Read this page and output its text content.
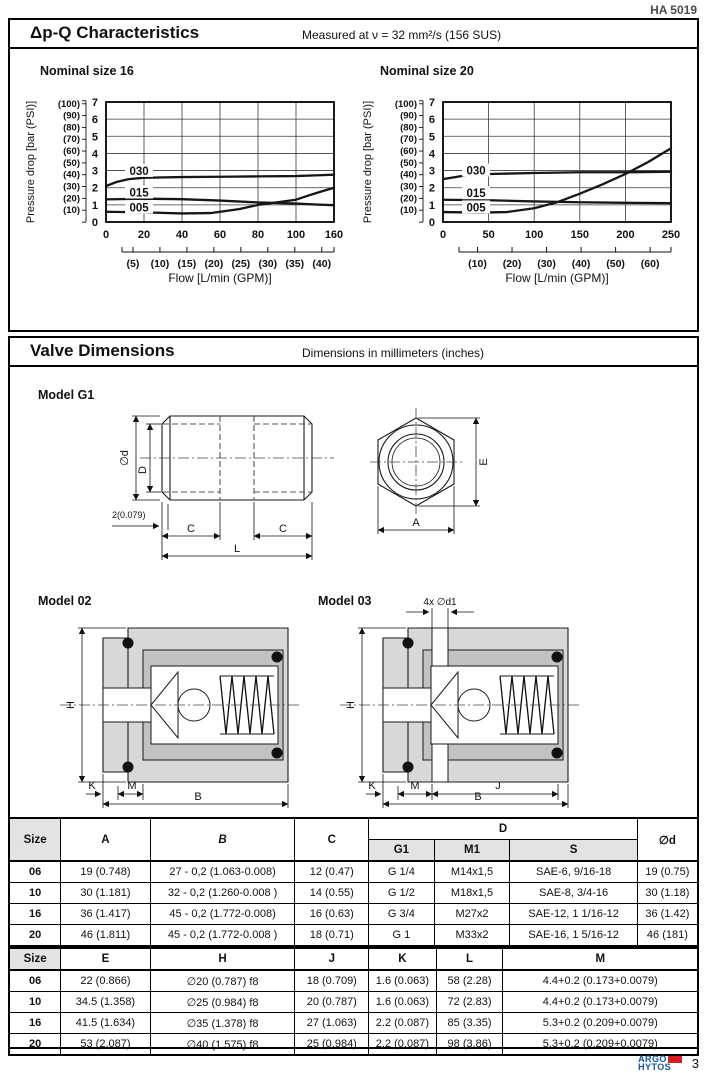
HA 5019
Δp-Q Characteristics	Measured at ν = 32 mm²/s (156 SUS)
Nominal size 16	Nominal size 20
0
1
2
3
4
5
6
7
(100)
(90)
(80)
(70)
(60)
(50)
(40)
(30)
(20)
(10)
Pressure drop [bar (PSI)]
0	20 40 60 80 100 160
(5) (10) (15) (20) (25) (30) (35) (40)
Flow [L/min (GPM)]
030
015
005
0
1
2
3
4
5
6
7
(100)
(90)
(80)
(70)
(60)
(50)
(40)
(30)
(20)
(10)
Pressure drop [bar (PSI)]
0	50	100 150 200 250
(10) (20) (30) (40) (50) (60)
Flow [L/min (GPM)]
030
015
005
Valve Dimensions	Dimensions in millimeters (inches)
Model G1
∅d
D
2(0.079)
C	C
L
E
A
Model 02	Model 03
H
K	M
B
4x ∅d1
H
K	M	J
B
Size	A	B	C	D			∅d
				G1	M1	S	
06	19 (0.748)	27 - 0,2 (1.063-0.008)	12 (0.47)	G 1/4	M14x1,5	SAE-6, 9/16-18	19 (0.75)
10	30 (1.181)	32 - 0,2 (1.260-0.008 )	14 (0.55)	G 1/2	M18x1,5	SAE-8, 3/4-16	30 (1.18)
16	36 (1.417)	45 - 0,2 (1.772-0.008)	16 (0.63)	G 3/4	M27x2	SAE-12, 1 1/16-12	36 (1.42)
20	46 (1.811)	45 - 0,2 (1.772-0.008 )	18 (0.71)	G 1	M33x2	SAE-16, 1 5/16-12	46 (181)
Size	E	H	J	K	L	M
06	22 (0.866)	∅20 (0.787) f8	18 (0.709)	1.6 (0.063)	58 (2.28)	4.4+0.2 (0.173+0.0079)
10	34.5 (1.358)	∅25 (0.984) f8	20 (0.787)	1.6 (0.063)	72 (2.83)	4.4+0.2 (0.173+0.0079)
16	41.5 (1.634)	∅35 (1.378) f8	27 (1.063)	2.2 (0.087)	85 (3.35)	5.3+0.2 (0.209+0.0079)
20	53 (2.087)	∅40 (1.575) f8	25 (0.984)	2.2 (0.087)	98 (3.86)	5.3+0.2 (0.209+0.0079)
ARGO
HYTOS	3
